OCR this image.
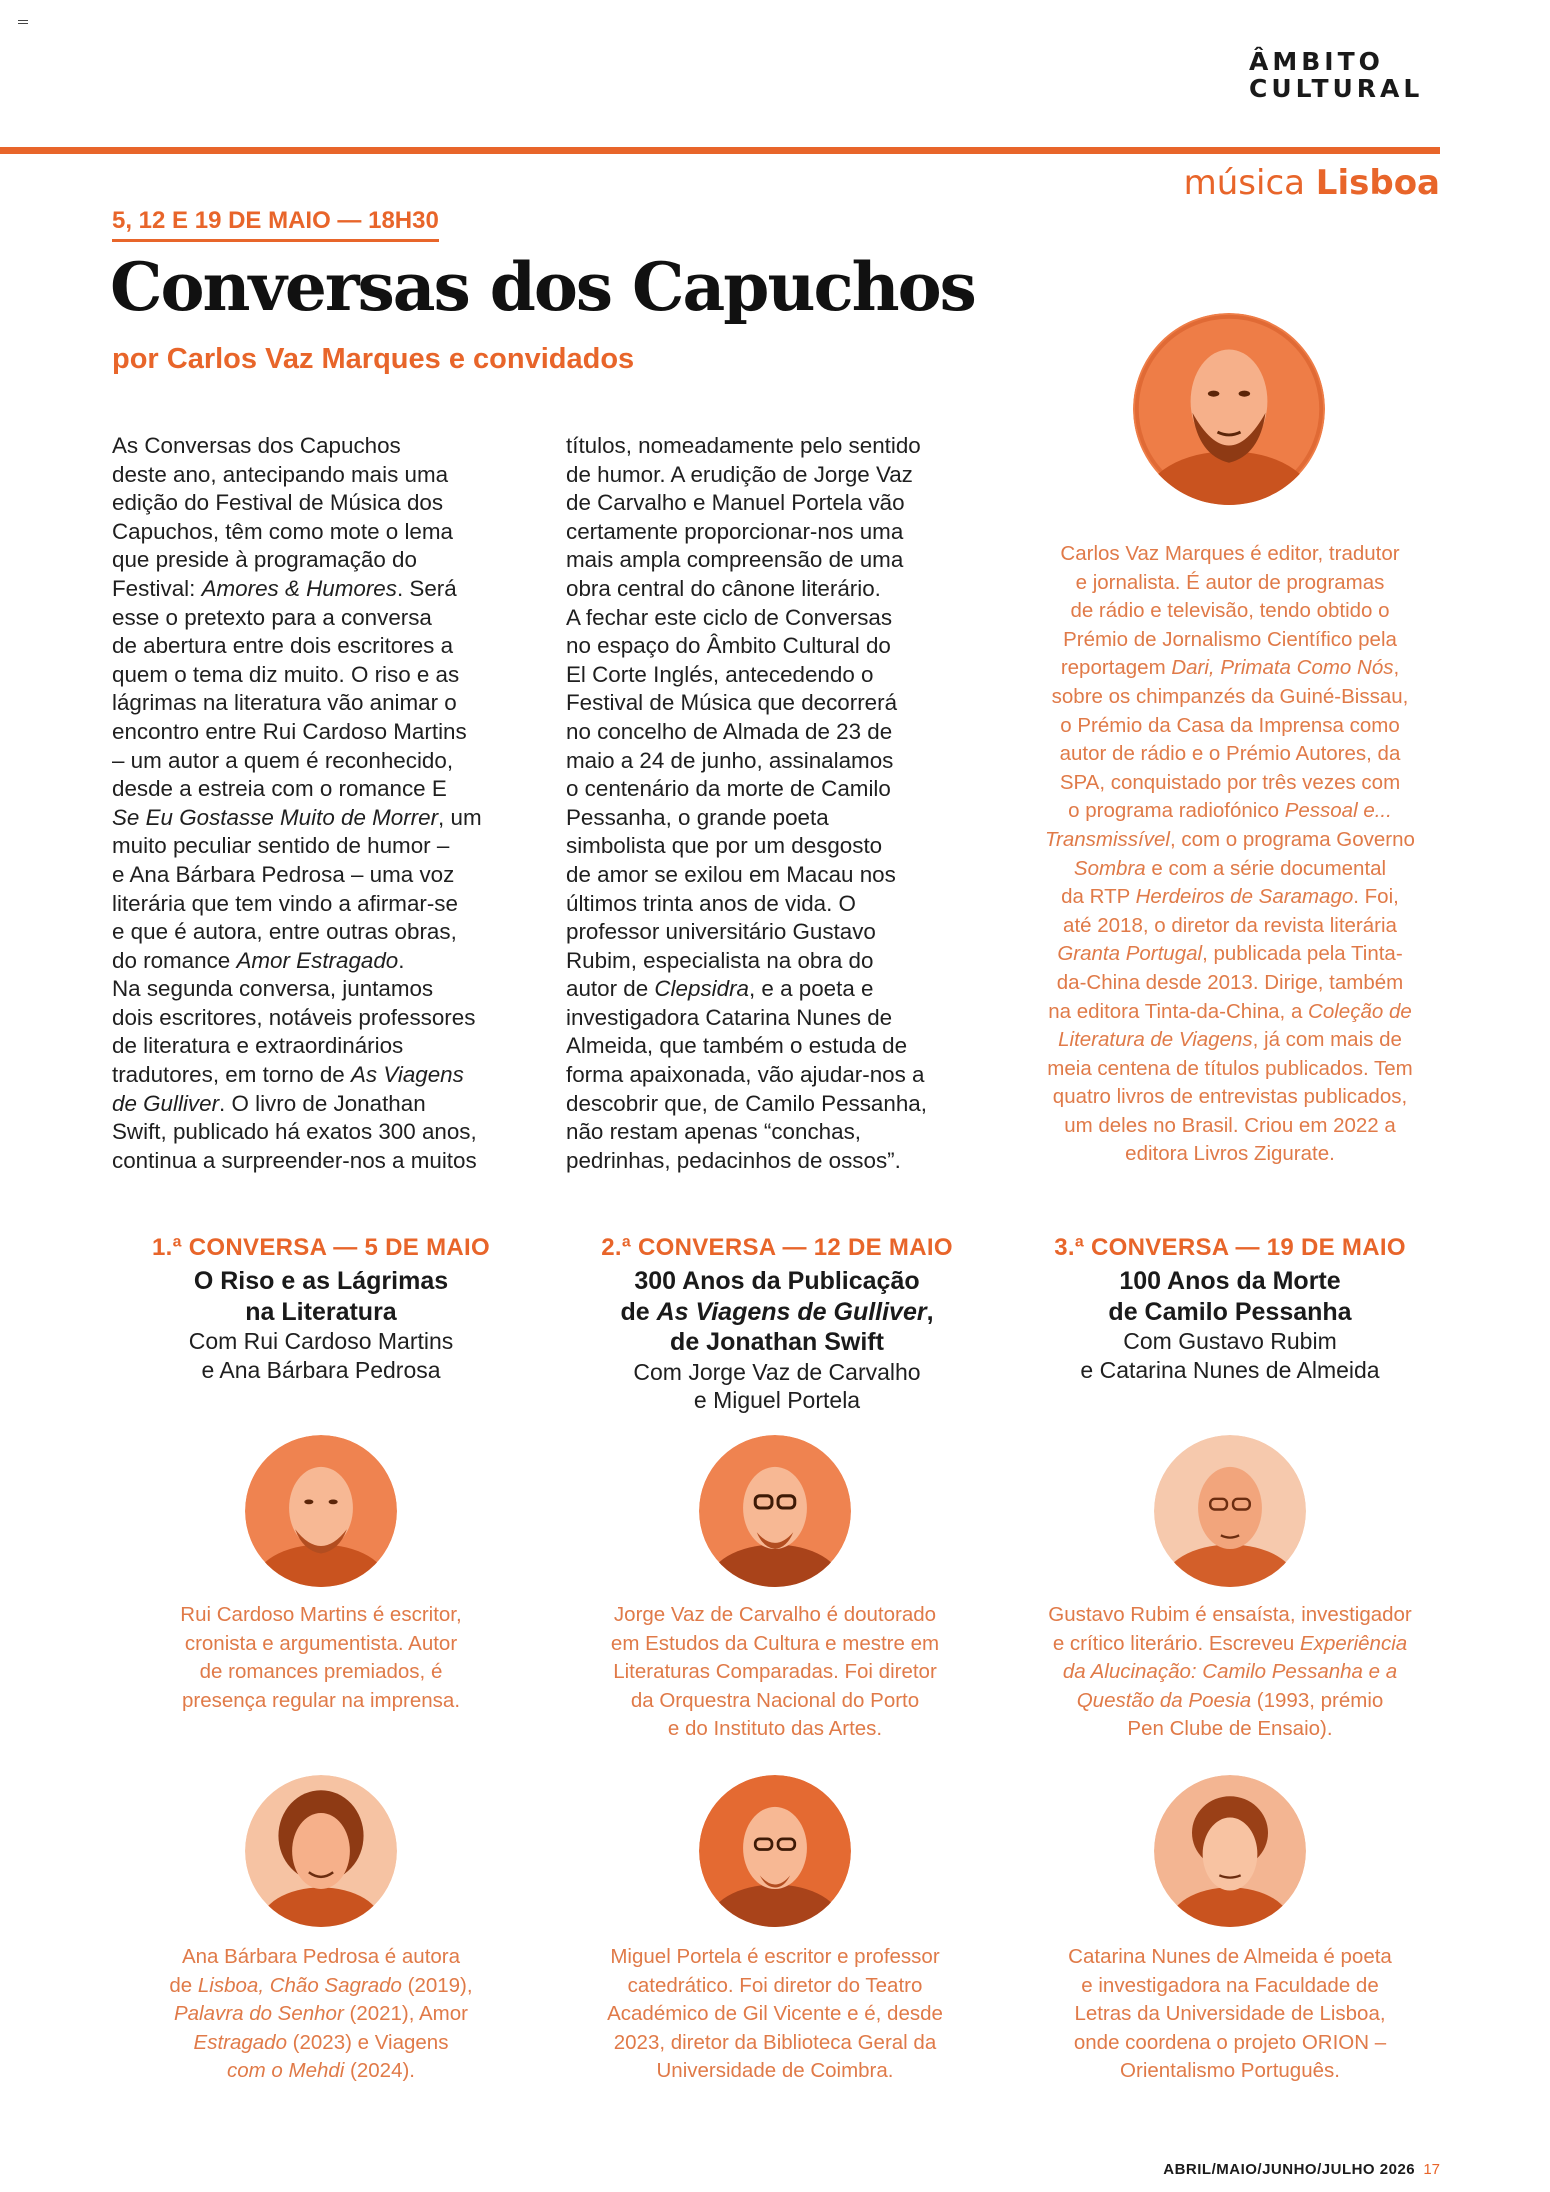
ÂMBITO
CULTURAL
música Lisboa
5, 12 E 19 DE MAIO — 18H30
Conversas dos Capuchos
por Carlos Vaz Marques e convidados

As Conversas dos Capuchos

deste ano, antecipando mais uma

edição do Festival de Música dos

Capuchos, têm como mote o lema

que preside à programação do

Festival: Amores & Humores. Será

esse o pretexto para a conversa

de abertura entre dois escritores a

quem o tema diz muito. O riso e as

lágrimas na literatura vão animar o

encontro entre Rui Cardoso Martins

– um autor a quem é reconhecido,

desde a estreia com o romance E

Se Eu Gostasse Muito de Morrer, um

muito peculiar sentido de humor –

e Ana Bárbara Pedrosa – uma voz

literária que tem vindo a afirmar-se

e que é autora, entre outras obras,

do romance Amor Estragado.

Na segunda conversa, juntamos

dois escritores, notáveis professores

de literatura e extraordinários

tradutores, em torno de As Viagens

de Gulliver. O livro de Jonathan

Swift, publicado há exatos 300 anos,

continua a surpreender-nos a muitos

títulos, nomeadamente pelo sentido

de humor. A erudição de Jorge Vaz

de Carvalho e Manuel Portela vão

certamente proporcionar-nos uma

mais ampla compreensão de uma

obra central do cânone literário.

A fechar este ciclo de Conversas

no espaço do Âmbito Cultural do

El Corte Inglés, antecedendo o

Festival de Música que decorrerá

no concelho de Almada de 23 de

maio a 24 de junho, assinalamos

o centenário da morte de Camilo

Pessanha, o grande poeta

simbolista que por um desgosto

de amor se exilou em Macau nos

últimos trinta anos de vida. O

professor universitário Gustavo

Rubim, especialista na obra do

autor de Clepsidra, e a poeta e

investigadora Catarina Nunes de

Almeida, que também o estuda de

forma apaixonada, vão ajudar-nos a

descobrir que, de Camilo Pessanha,

não restam apenas “conchas,

pedrinhas, pedacinhos de ossos”.

Carlos Vaz Marques é editor, tradutor
e jornalista. É autor de programas
de rádio e televisão, tendo obtido o
Prémio de Jornalismo Científico pela
reportagem Dari, Primata Como Nós,
sobre os chimpanzés da Guiné-Bissau,
o Prémio da Casa da Imprensa como
autor de rádio e o Prémio Autores, da
SPA, conquistado por três vezes com
o programa radiofónico Pessoal e...
Transmissível, com o programa Governo
Sombra e com a série documental
da RTP Herdeiros de Saramago. Foi,
até 2018, o diretor da revista literária
Granta Portugal, publicada pela Tinta-
da-China desde 2013. Dirige, também
na editora Tinta-da-China, a Coleção de
Literatura de Viagens, já com mais de
meia centena de títulos publicados. Tem
quatro livros de entrevistas publicados,
um deles no Brasil. Criou em 2022 a
editora Livros Zigurate.
1.ª CONVERSA — 5 DE MAIO
O Riso e as Lágrimas
na Literatura
Com Rui Cardoso Martins
e Ana Bárbara Pedrosa
2.ª CONVERSA — 12 DE MAIO
300 Anos da Publicação
de As Viagens de Gulliver,
de Jonathan Swift
Com Jorge Vaz de Carvalho
e Miguel Portela
3.ª CONVERSA — 19 DE MAIO
100 Anos da Morte
de Camilo Pessanha
Com Gustavo Rubim
e Catarina Nunes de Almeida
Rui Cardoso Martins é escritor,
cronista e argumentista. Autor
de romances premiados, é
presença regular na imprensa.
Jorge Vaz de Carvalho é doutorado
em Estudos da Cultura e mestre em
Literaturas Comparadas. Foi diretor
da Orquestra Nacional do Porto
e do Instituto das Artes.
Gustavo Rubim é ensaísta, investigador
e crítico literário. Escreveu Experiência
da Alucinação: Camilo Pessanha e a
Questão da Poesia (1993, prémio
Pen Clube de Ensaio).
Ana Bárbara Pedrosa é autora
de Lisboa, Chão Sagrado (2019),
Palavra do Senhor (2021), Amor
Estragado (2023) e Viagens
com o Mehdi (2024).
Miguel Portela é escritor e professor
catedrático. Foi diretor do Teatro
Académico de Gil Vicente e é, desde
2023, diretor da Biblioteca Geral da
Universidade de Coimbra.
Catarina Nunes de Almeida é poeta
e investigadora na Faculdade de
Letras da Universidade de Lisboa,
onde coordena o projeto ORION –
Orientalismo Português.
ABRIL/MAIO/JUNHO/JULHO 2026 17
